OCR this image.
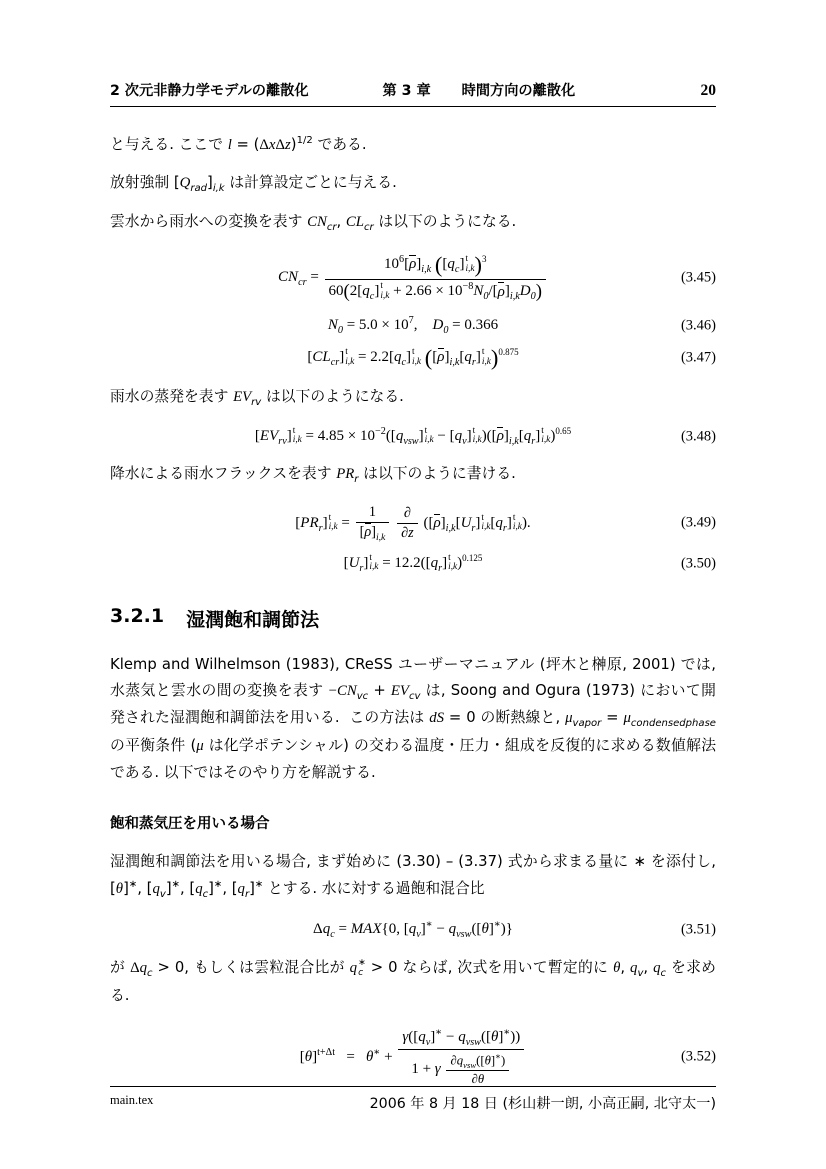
2 次元非静力学モデルの離散化	第 3 章 時間方向の離散化	20

と与える. ここで $l = (\Delta x\Delta z)^{1/2}$ である.

放射強制 $[Q_{rad}]_{i,k}$ は計算設定ごとに与える.

雲水から雨水への変換を表す $CN_{cr}$, $CL_{cr}$ は以下のようになる.

$CN_{cr} = 10^6[\rho$
]$_{i,k}$ ($[q_c]$ t
i,k )$^3$
$60(2[q_c]$ t
$i,k + 2.66 \times 10^{-8}N_0/[\rho$
]$_{i,k}D_0$)	(3.45)
$N_0 = 5.0 \times 10^7$,    $D_0 = 0.366$	(3.46)
$[CL_{cr}]$ t
$i,k = 2.2[q_c]$ t
i,k ([ρ
]$_{i,k}[q_r]$ t
i,k )$^{0.875}$	(3.47)

雨水の蒸発を表す $EV_{rv}$ は以下のようになる.

$[EV_{rv}]$ t
$i,k = 4.85 \times 10^{-2}([q_{vsw}]$ t
$i,k - [q_v]$ t
i,k )([ρ
]$_{i,k}[q_r]$ t
i,k )$^{0.65}$	(3.48)

降水による雨水フラックスを表す $PR_r$ は以下のように書ける.

$[PR_r]$ t
i,k = 1
[ρ
]$_{i,k}$
$\frac{\partial}{\partial z} ([\rho$
]$_{i,k}[U_r]$ t
i,k $[q_r]$ t
i,k ).	(3.49)
$[U_r]$ t
$i,k = 12.2([q_r]$ t
i,k )$^{0.125}$	(3.50)
3.2.1 湿潤飽和調節法

Klemp and Wilhelmson (1983), CReSS ユーザーマニュアル (坪木と榊原, 2001) では, 水蒸気と雲水の間の変換を表す $-CN_{vc} + EV_{cv}$ は, Soong and Ogura (1973) において開発された湿潤飽和調節法を用いる.  この方法は dS = 0 の断熱線と, $\mu_{vapor} = \mu_{condensedphase}$ の平衡条件 (μ は化学ポテンシャル) の交わる温度・圧力・組成を反復的に求める数値解法である. 以下ではそのやり方を解説する.

飽和蒸気圧を用いる場合

湿潤飽和調節法を用いる場合, まず始めに (3.30) – (3.37) 式から求まる量に ∗ を添付し, [θ]∗, $[q_v]^∗$, $[q_c]^∗$, $[q_r]^∗$ とする. 水に対する過飽和混合比

$\Delta q_c = MAX\{0$, $[q_v]^∗ - q_{vsw}([\theta]^∗)$}	(3.51)

が $\Delta q_c > 0$, もしくは雲粒混合比が q ∗
c > 0 ならば, 次式を用いて暫定的に θ, $q_v$, $q_c$ を求める.

$[\theta]^{t+\Delta t} = \theta^∗$ +
$\gamma([q_v]^∗ - q_{vsw}([\theta]^∗))$
1 + γ $\frac{\partial q_{vsw}([\theta]^∗)}{\partial\theta}$	(3.52)
main.tex	2006 年 8 月 18 日 (杉山耕一朗, 小高正嗣, 北守太一)
